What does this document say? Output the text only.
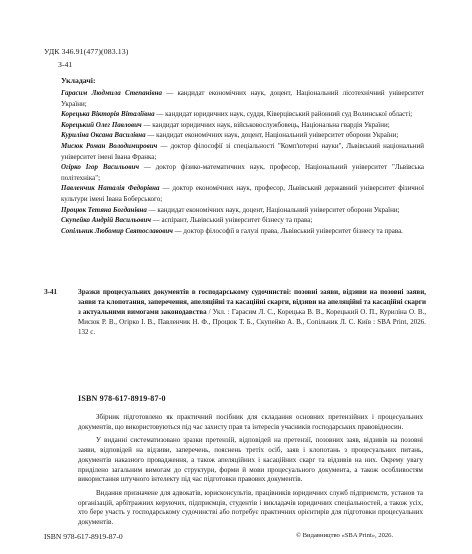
УДК 346.91(477)(083.13)
З-41
Укладачі:

Гарасим Людмила Степанівна — кандидат економічних наук, доцент, Національний лісотехнічний університет України;

Корецька Вікторія Віталіївна — кандидат юридичних наук, суддя, Ківерцівський районний суд Волинської області;

Корецький Олег Павлович — кандидат юридичних наук, військовослужбовець, Національна гвардія України;

Куриліна Оксана Василівна — кандидат економічних наук, доцент, Національний університет оборони України;

Мисюк Роман Володимирович — доктор філософії зі спеціальності "Комп'ютерні науки", Львівський національний університет імені Івана Франка;

Огірко Ігор Васильович — доктор фізико-математичних наук, професор, Національний університет "Львівська політехніка";

Павленчик Наталія Федорівна — доктор економічних наук, професор, Львівський державний університет фізичної культури імені Івана Боберського;

Процюк Тетяна Богданівна — кандидат економічних наук, доцент, Національний університет оборони України;

Скупейко Андрій Васильович — аспірант, Львівський університет бізнесу та права;

Сопільник Любомир Святославович — доктор філософії в галузі права, Львівський університет бізнесу та права.

З-41	Зразки процесуальних документів в господарському судочинстві: позовні заяви, відзиви на позовні заяви, заяви та клопотання, заперечення, апеляційні та касаційні скарги, відзиви на апеляційні та касаційні скарги з актуальними вимогами законодавства / Укл. : Гарасим Л. С., Корецька В. В., Корецький О. П., Куриліна О. В., Мисюк Р. В., Огірко І. В., Павленчик Н. Ф., Процюк Т. Б., Скупейко А. В., Сопільник Л. С. Київ : SBA Print, 2026. 132 с.
ISBN 978-617-8919-87-0

Збірник підготовлено як практичний посібник для складання основних претензійних і процесуальних документів, що використовуються під час захисту прав та інтересів учасників господарських правовідносин.

У виданні систематизовано зразки претензій, відповідей на претензії, позовних заяв, відзивів на позовні заяви, відповідей на відзиви, заперечень, пояснень третіх осіб, заяв і клопотань з процесуальних питань, документів наказного провадження, а також апеляційних і касаційних скарг та відзивів на них. Окрему увагу приділено загальним вимогам до структури, форми й мови процесуального документа, а також особливостям використання штучного інтелекту під час підготовки правових документів.

Видання призначене для адвокатів, юрисконсультів, працівників юридичних служб підприємств, установ та організацій, арбітражних керуючих, підприємців, студентів і викладачів юридичних спеціальностей, а також усіх, хто бере участь у господарському судочинстві або потребує практичних орієнтирів для підготовки процесуальних документів.

ISBN 978-617-8919-87-0	© Видавництво «SBA Print», 2026.
